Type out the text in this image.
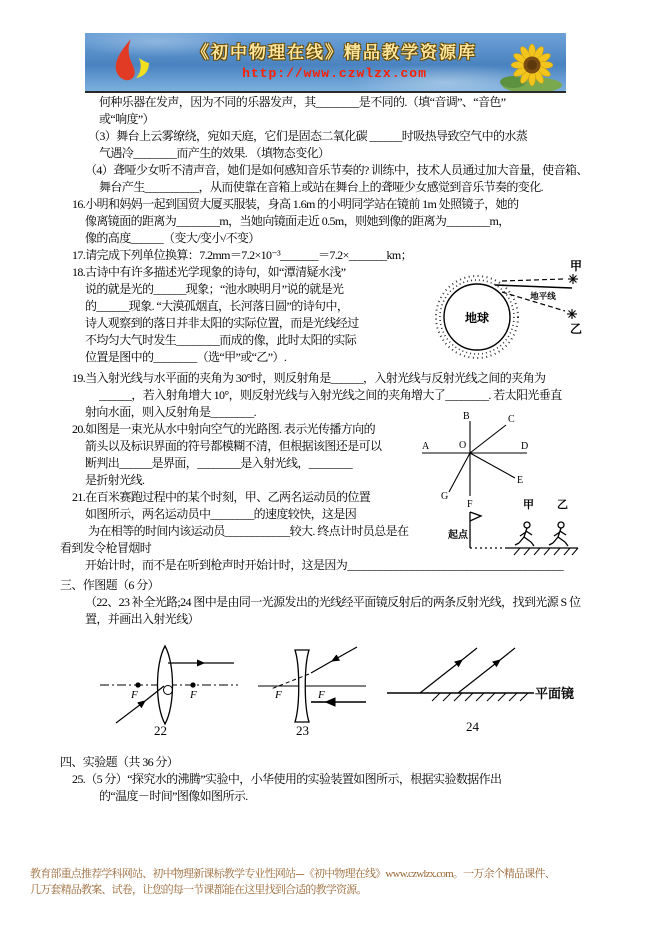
《初中物理在线》精品教学资源库
http://www.czwlzx.com
何种乐器在发声，因为不同的乐器发声，其________是不同的.（填“音调”、“音色”
或“响度”）
（3）舞台上云雾缭绕，宛如天庭，它们是固态二氧化碳 ______时吸热导致空气中的水蒸
气遇冷________而产生的效果. （填物态变化）
（4）聋哑少女听不清声音，她们是如何感知音乐节奏的? 训练中，技术人员通过加大音量，使音箱、
舞台产生__________，从而使靠在音箱上或站在舞台上的聋哑少女感觉到音乐节奏的变化.
16.小明和妈妈一起到国贸大厦买服装，身高 1.6m 的小明同学站在镜前 1m 处照镜子，她的
像离镜面的距离为________m，当她向镜面走近 0.5m，则她到像的距离为________m，
像的高度______（变大/变小/不变）
17.请完成下列单位换算：7.2mm＝7.2×10⁻³_______＝7.2×_______km；
18.古诗中有许多描述光学现象的诗句，如“潭清疑水浅”
说的就是光的______现象；“池水映明月”说的就是光
的______现象. “大漠孤烟直，长河落日圆”的诗句中，
诗人观察到的落日并非太阳的实际位置，而是光线经过
不均匀大气时发生________而成的像，此时太阳的实际
位置是图中的________（选“甲”或“乙”）.
19.当入射光线与水平面的夹角为 30°时，则反射角是______，入射光线与反射光线之间的夹角为
______，若入射角增大 10°，则反射光线与入射光线之间的夹角增大了________. 若太阳光垂直
射向水面，则入反射角是________.
20.如图是一束光从水中射向空气的光路图. 表示光传播方向的
箭头以及标识界面的符号都模糊不清，但根据该图还是可以
断判出______是界面，________是入射光线，________
是折射光线.
21.在百米赛跑过程中的某个时刻，甲、乙两名运动员的位置
如图所示，两名运动员中________的速度较快，这是因
为在相等的时间内该运动员____________较大. 终点计时员总是在
看到发令枪冒烟时
开始计时，而不是在听到枪声时开始计时，这是因为________________________________________
三、作图题（6 分）
（22、23 补全光路;24 图中是由同一光源发出的光线经平面镜反射后的两条反射光线，找到光源 S 位
置，并画出入射光线）
四、实验题（共 36 分）
25.（5 分）“探究水的沸腾”实验中，小华使用的实验装置如图所示，根据实验数据作出
的“温度－时间”图像如图所示.
地球
甲
乙
地平线
A
B	C
D
O
E
G
F
起点
甲 乙
F	F
22
F	F
23
平面镜
24
教育部重点推荐学科网站、初中物理新课标教学专业性网站---《初中物理在线》www.czwlzx.com。一万余个精品课件、
几万套精品教案、试卷，让您的每一节课都能在这里找到合适的教学资源。
